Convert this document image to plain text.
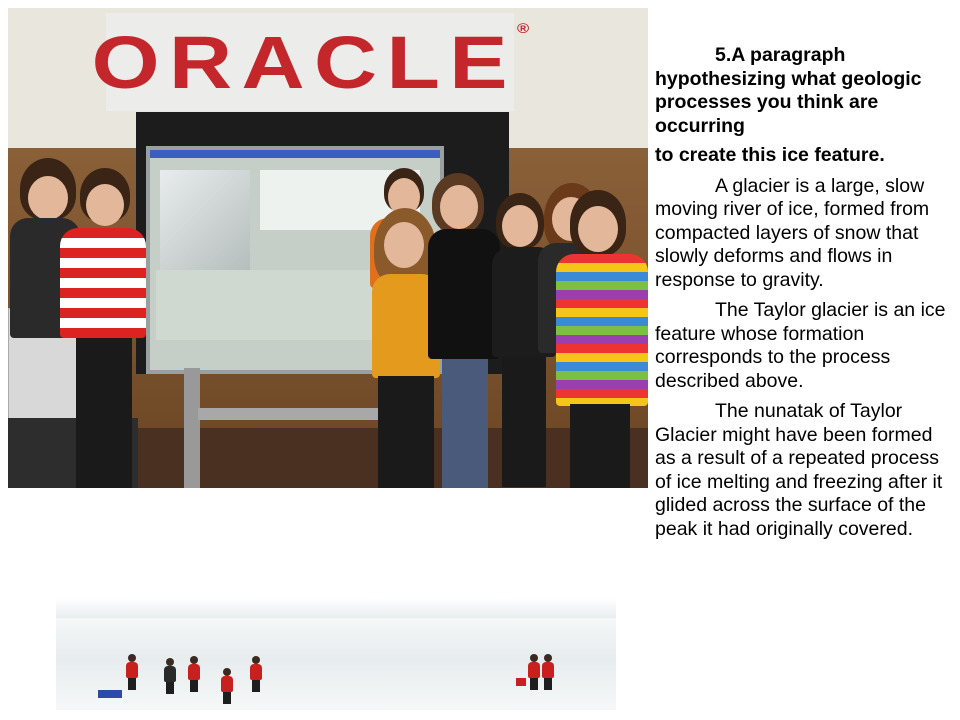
ORACLE®

5.A paragraph

hypothesizing what geologic processes you think are occurring

to create this ice feature.

A glacier is a large, slow moving river of ice, formed from compacted layers of snow that slowly deforms and flows in response to gravity.

The Taylor glacier is an ice feature whose formation corresponds to the process described above.

The nunatak of Taylor Glacier might have been formed as a result of a repeated process of ice melting and freezing after it glided across the surface of the peak it had originally covered.
